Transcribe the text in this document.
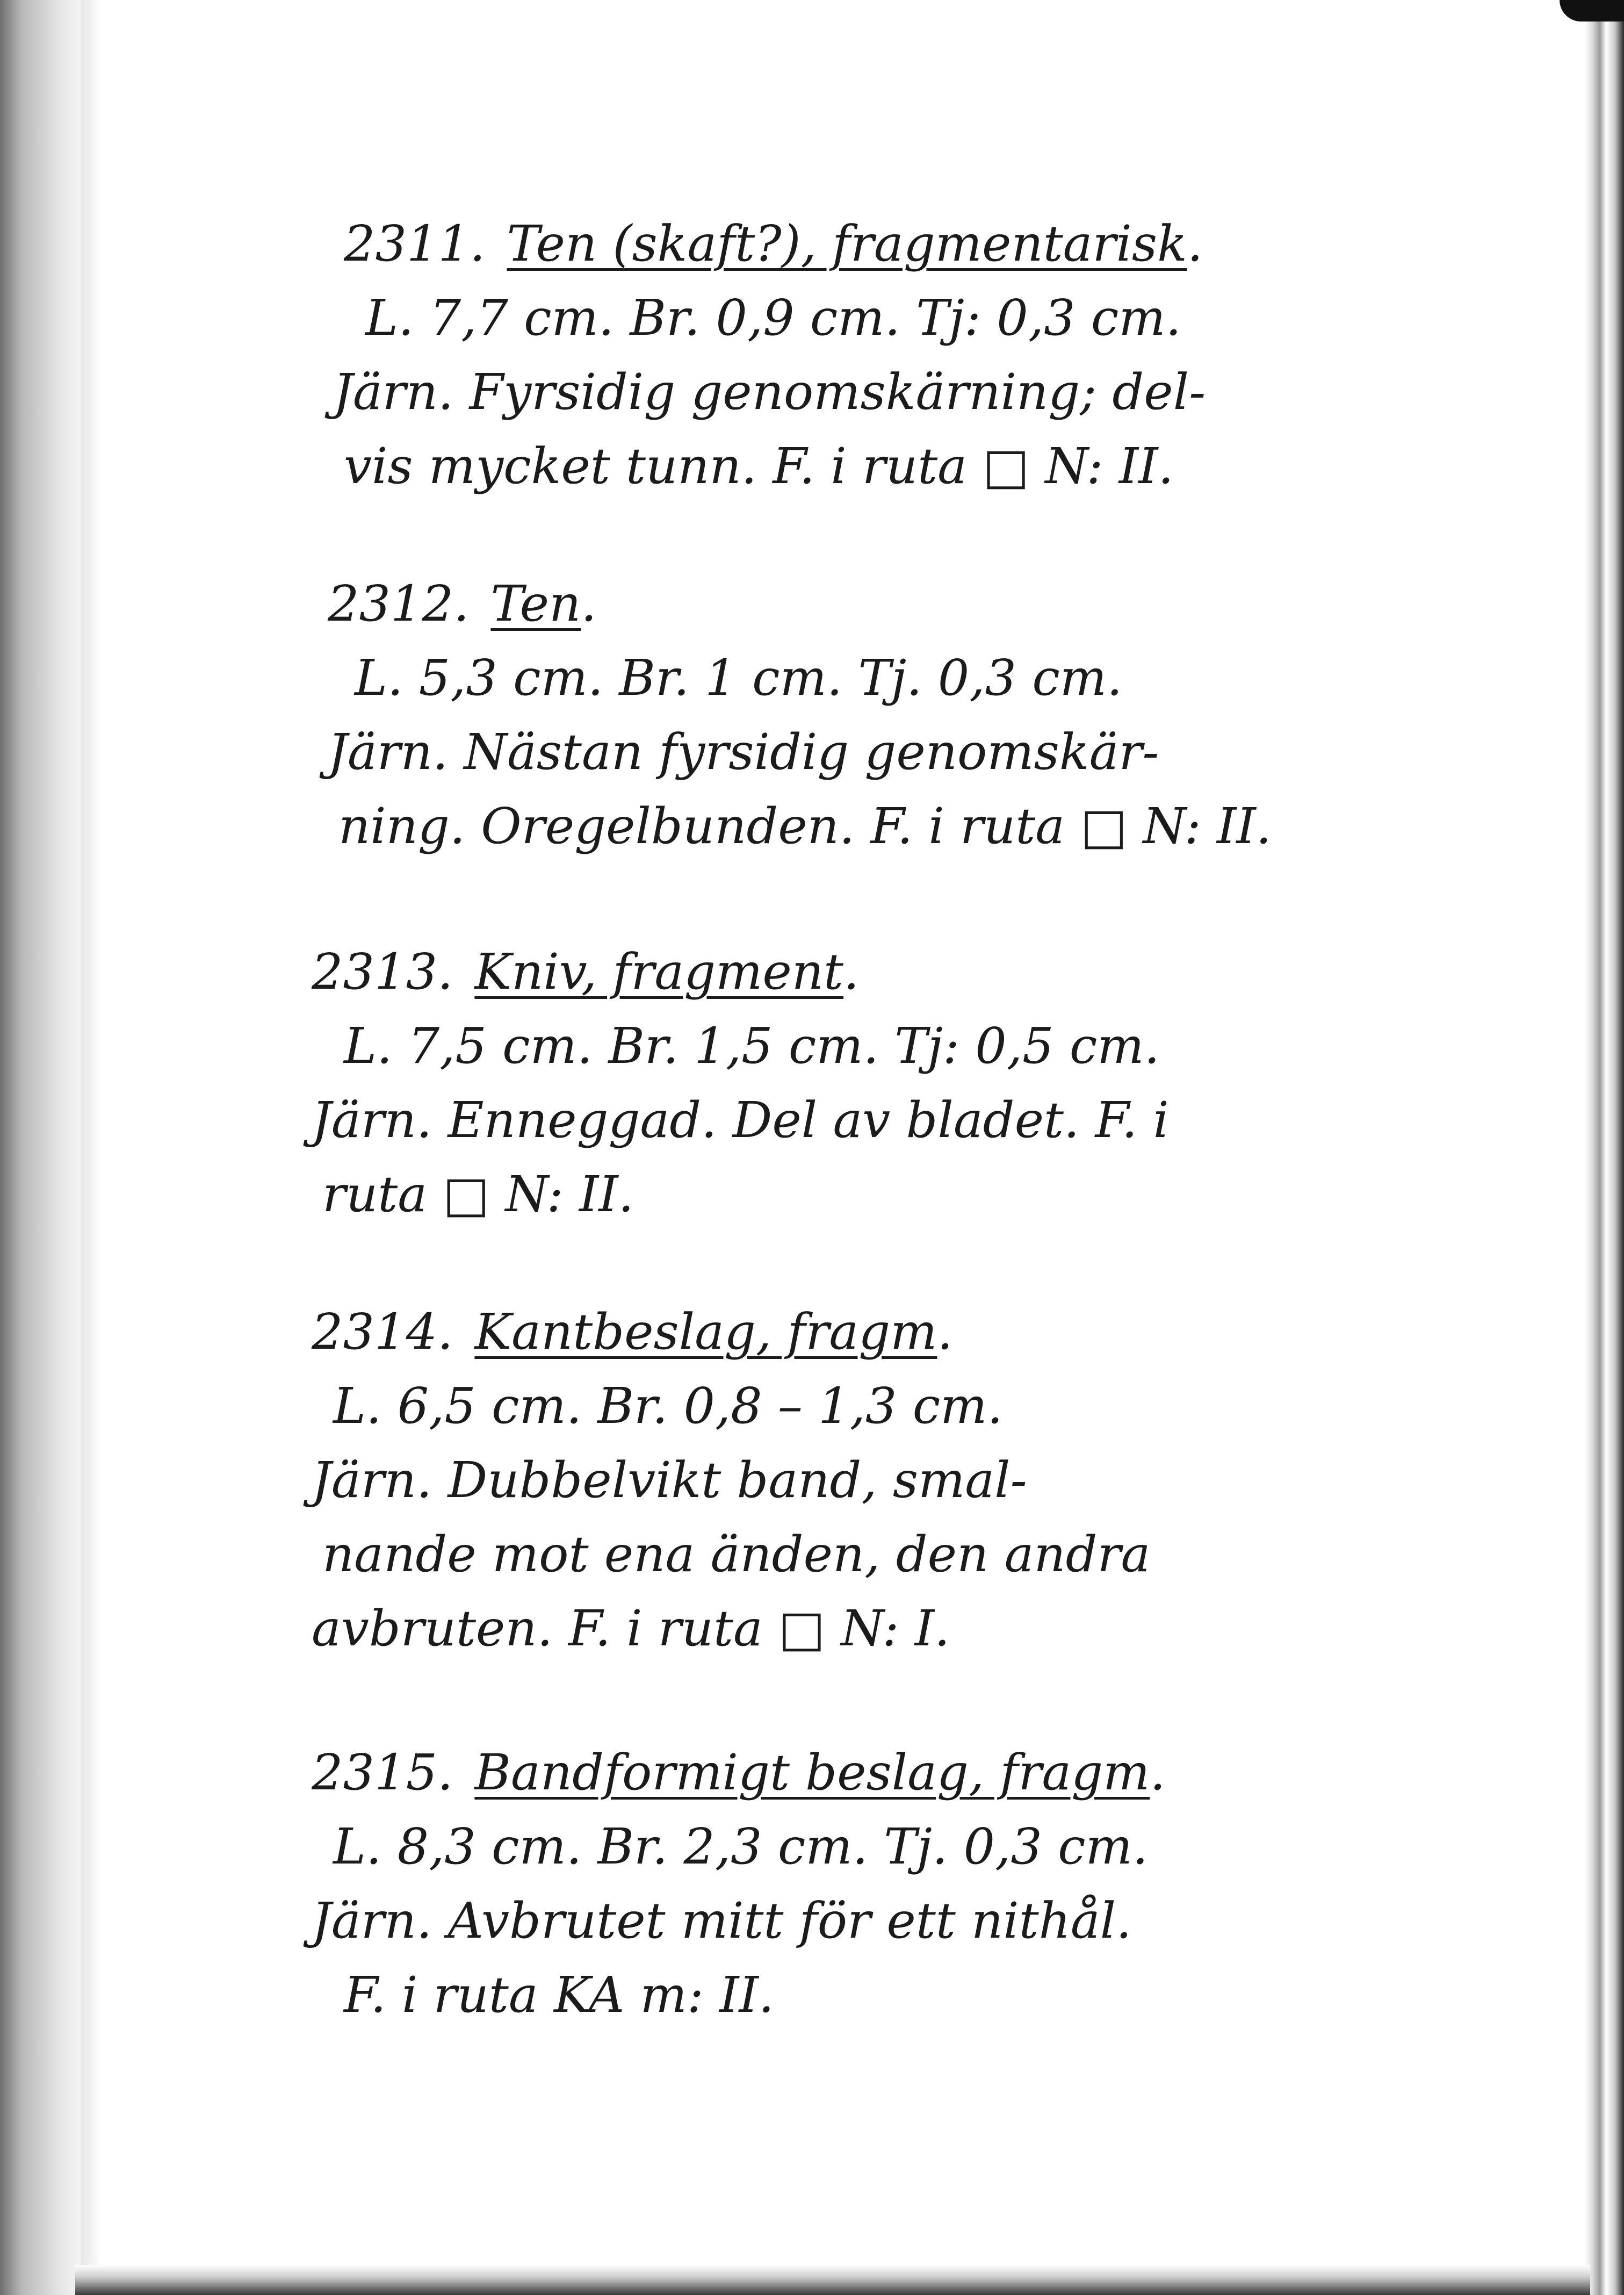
2311. Ten (skaft?), fragmentarisk.
L. 7,7 cm. Br. 0,9 cm. Tj: 0,3 cm.
Järn. Fyrsidig genomskärning; del-
vis mycket tunn. F. i ruta □ N: II.
2312. Ten.
L. 5,3 cm. Br. 1 cm. Tj. 0,3 cm.
Järn. Nästan fyrsidig genomskär-
ning. Oregelbunden. F. i ruta □ N: II.
2313. Kniv, fragment.
L. 7,5 cm. Br. 1,5 cm. Tj: 0,5 cm.
Järn. Enneggad. Del av bladet. F. i
ruta □ N: II.
2314. Kantbeslag, fragm.
L. 6,5 cm. Br. 0,8 – 1,3 cm.
Järn. Dubbelvikt band, smal-
nande mot ena änden, den andra
avbruten. F. i ruta □ N: I.
2315. Bandformigt beslag, fragm.
L. 8,3 cm. Br. 2,3 cm. Tj. 0,3 cm.
Järn. Avbrutet mitt för ett nithål.
F. i ruta KA m: II.
